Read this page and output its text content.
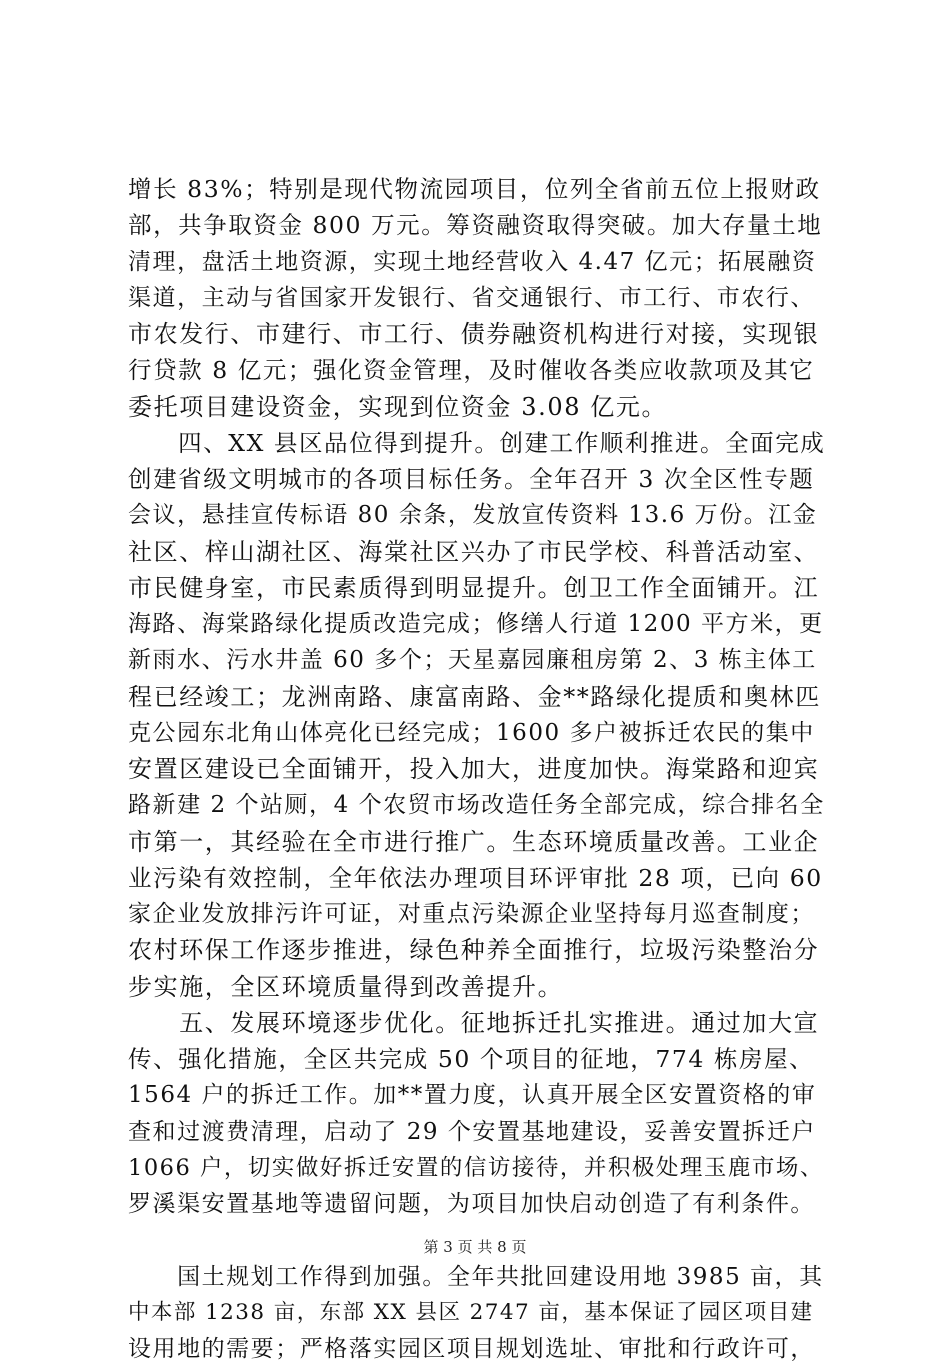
增长 83%；特别是现代物流园项目，位列全省前五位上报财政
部，共争取资金 800 万元。筹资融资取得突破。加大存量土地
清理，盘活土地资源，实现土地经营收入 4.47 亿元；拓展融资
渠道，主动与省国家开发银行、省交通银行、市工行、市农行、
市农发行、市建行、市工行、债券融资机构进行对接，实现银
行贷款 8 亿元；强化资金管理，及时催收各类应收款项及其它
委托项目建设资金，实现到位资金 3.08 亿元。
　　四、XX 县区品位得到提升。创建工作顺利推进。全面完成
创建省级文明城市的各项目标任务。全年召开 3 次全区性专题
会议，悬挂宣传标语 80 余条，发放宣传资料 13.6 万份。江金
社区、梓山湖社区、海棠社区兴办了市民学校、科普活动室、
市民健身室，市民素质得到明显提升。创卫工作全面铺开。江
海路、海棠路绿化提质改造完成；修缮人行道 1200 平方米，更
新雨水、污水井盖 60 多个；天星嘉园廉租房第 2、3 栋主体工
程已经竣工；龙洲南路、康富南路、金**路绿化提质和奥林匹
克公园东北角山体亮化已经完成；1600 多户被拆迁农民的集中
安置区建设已全面铺开，投入加大，进度加快。海棠路和迎宾
路新建 2 个站厕，4 个农贸市场改造任务全部完成，综合排名全
市第一，其经验在全市进行推广。生态环境质量改善。工业企
业污染有效控制，全年依法办理项目环评审批 28 项，已向 60
家企业发放排污许可证，对重点污染源企业坚持每月巡查制度；
农村环保工作逐步推进，绿色种养全面推行，垃圾污染整治分
步实施，全区环境质量得到改善提升。
　　五、发展环境逐步优化。征地拆迁扎实推进。通过加大宣
传、强化措施，全区共完成 50 个项目的征地，774 栋房屋、
1564 户的拆迁工作。加**置力度，认真开展全区安置资格的审
查和过渡费清理，启动了 29 个安置基地建设，妥善安置拆迁户
1066 户，切实做好拆迁安置的信访接待，并积极处理玉鹿市场、
罗溪渠安置基地等遗留问题，为项目加快启动创造了有利条件。
　　国土规划工作得到加强。全年共批回建设用地 3985 亩，其
中本部 1238 亩，东部 XX 县区 2747 亩，基本保证了园区项目建
设用地的需要；严格落实园区项目规划选址、审批和行政许可，
第 3 页 共 8 页
